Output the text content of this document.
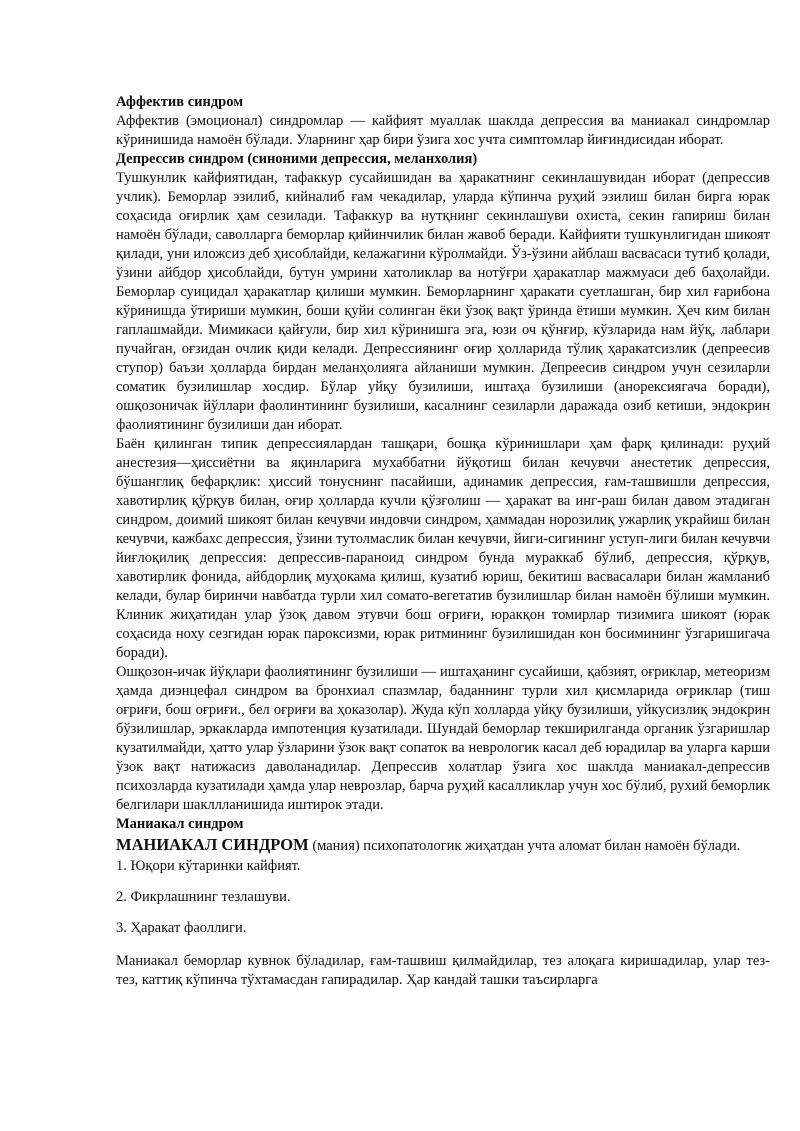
Аффектив синдром

Аффектив (эмоционал) синдромлар — кайфият муаллак шаклда депрессия ва маниакал синдромлар кўринишида намоён бўлади. Уларнинг ҳар бири ўзига хос учта симптомлар йиғиндисидан иборат.

Депрессив синдром (синоними депрессия, меланхолия)

Тушкунлик кайфиятидан, тафаккур сусайишидан ва ҳаракатнинг секинлашувидан иборат (депрессив учлик). Беморлар эзилиб, кийналиб ғам чекадилар, уларда кўпинча руҳий эзилиш билан бирга юрак соҳасида оғирлик ҳам сезилади. Тафаккур ва нутқнинг секинлашуви охиста, секин гапириш билан намоён бўлади, саволларга беморлар қийинчилик билан жавоб беради. Кайфияти тушкунлигидан шикоят қилади, уни иложсиз деб ҳисоблайди, келажагини кўролмайди. Ўз-ўзини айблаш васвасаси тутиб қолади, ўзини айбдор ҳисоблайди, бутун умрини хатоликлар ва нотўғри ҳаракатлар мажмуаси деб баҳолайди. Беморлар суицидал ҳаракатлар қилиши мумкин. Беморларнинг ҳаракати суетлашган, бир хил ғарибона кўринишда ўтириши мумкин, боши қуйи солинган ёки ўзоқ вақт ўринда ётиши мумкин. Ҳеч ким билан гаплашмайди. Мимикаси қайғули, бир хил кўринишга эга, юзи оч қўнғир, кўзларида нам йўқ, лаблари пучайган, оғзидан очлик қиди келади. Депрессиянинг оғир ҳолларида тўлиқ ҳаракатсизлик (депреесив ступор) баъзи ҳолларда бирдан меланҳолияга айланиши мумкин. Депреесив синдром учун сезиларли соматик бузилишлар хосдир. Бўлар уйқу бузилиши, иштаҳа бузилиши (анорексиягача боради), ошқозоничак йўллари фаолинтининг бузилиши, касалнинг сезиларли даражада озиб кетиши, эндокрин фаолиятининг бузилиши дан иборат.

Баён қилинган типик депрессиялардан ташқари, бошқа кўринишлари ҳам фарқ қилинади: руҳий анестезия—ҳиссиётни ва яқинларига мухаббатни йўқотиш билан кечувчи анестетик депрессия, бўшанглиқ бефарқлик: ҳиссий тонуснинг пасайиши, адинамик депрессия, ғам-ташвишли депрессия, хавотирлиқ қўрқув билан, оғир ҳолларда кучли қўзғолиш — ҳаракат ва инг-раш билан давом этадиган синдром, доимий шикоят билан кечувчи индовчи синдром, ҳаммадан норозилиқ ужарлиқ украйиш билан кечувчи, кажбахс депрессия, ўзини тутолмаслик билан кечувчи, йиги-сигининг уступ-лиги билан кечувчи йиғлоқилиқ депрессия: депрессив-параноид синдром бунда мураккаб бўлиб, депрессия, қўрқув, хавотирлик фонида, айбдорлиқ муҳокама қилиш, кузатиб юриш, бекитиш васвасалари билан жамланиб келади, булар биринчи навбатда турли хил сомато-вегетатив бузилишлар билан намоён бўлиши мумкин. Клиник жиҳатидан улар ўзоқ давом этувчи бош оғриғи, юракқон томирлар тизимига шикоят (юрак соҳасида ноху сезгидан юрак пароксизми, юрак ритмининг бузилишидан кон босимининг ўзгаришигача боради).

Ошқозон-ичак йўқлари фаолиятининг бузилиши — иштаҳанинг сусайиши, қабзият, оғриклар, метеоризм ҳамда диэнцефал синдром ва бронхиал спазмлар, баданнинг турли хил қисмларида оғриклар (тиш оғриғи, бош оғриғи., бел оғриғи ва ҳоказолар). Жуда кўп холларда уйқу бузилиши, уйкусизлиқ эндокрин бўзилишлар, эркакларда импотенция кузатилади. Шундай беморлар текширилганда органик ўзгаришлар кузатилмайди, ҳатто улар ўзларини ўзок вақт сопаток ва неврологик касал деб юрадилар ва уларга карши ўзок вақт натижасиз даволанадилар. Депрессив холатлар ўзига хос шаклда маниакал-депрессив психозларда кузатилади ҳамда улар неврозлар, барча руҳий касалликлар учун хос бўлиб, рухий беморлик белгилари шакллланишида иштирок этади.

Маниакал синдром

МАНИАКАЛ СИНДРОМ (мания) психопатологик жиҳатдан учта аломат билан намоён бўлади.

1. Юқори кўтаринки кайфият.

2. Фикрлашнинг тезлашуви.

3. Ҳаракат фаоллиги.

Маниакал беморлар кувнок бўладилар, ғам-ташвиш қилмайдилар, тез алоқага киришадилар, улар тез-тез, каттиқ кўпинча тўхтамасдан гапирадилар. Ҳар кандай ташки таъсирларга
